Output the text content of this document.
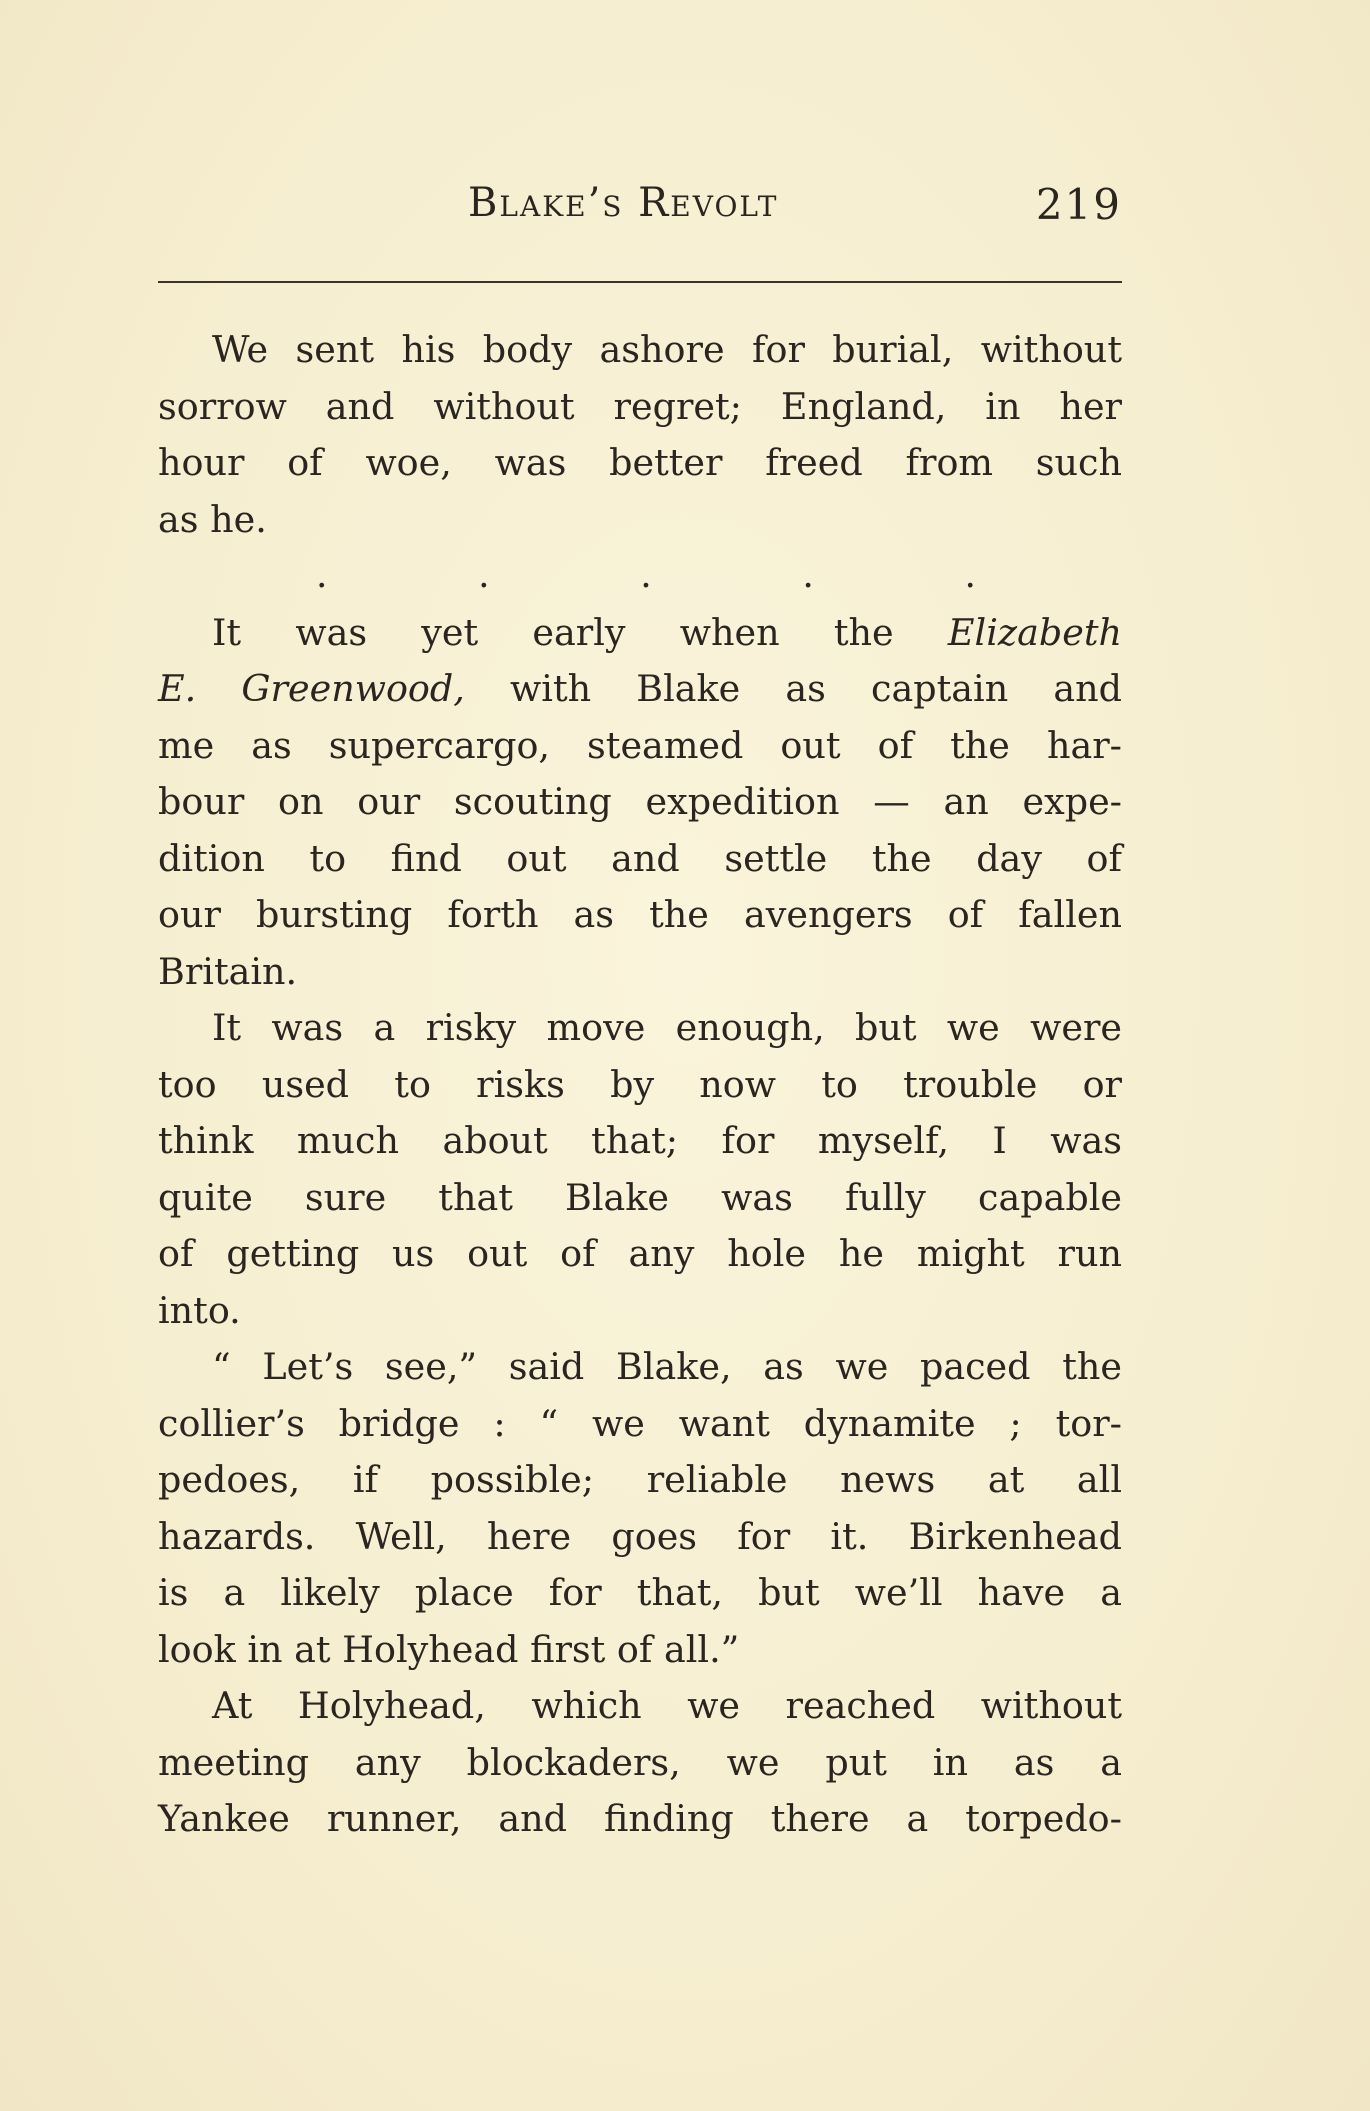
Blake’s Revolt	219
We sent his body ashore for burial, without
sorrow and without regret; England, in her
hour of woe, was better freed from such
as he.
.	.	.	.	.
It was yet early when the Elizabeth
E. Greenwood, with Blake as captain and
me as supercargo, steamed out of the har-
bour on our scouting expedition — an expe-
dition to find out and settle the day of
our bursting forth as the avengers of fallen
Britain.
It was a risky move enough, but we were
too used to risks by now to trouble or
think much about that; for myself, I was
quite sure that Blake was fully capable
of getting us out of any hole he might run
into.
“ Let’s see,” said Blake, as we paced the
collier’s bridge : “ we want dynamite ; tor-
pedoes, if possible; reliable news at all
hazards. Well, here goes for it. Birkenhead
is a likely place for that, but we’ll have a
look in at Holyhead first of all.”
At Holyhead, which we reached without
meeting any blockaders, we put in as a
Yankee runner, and finding there a torpedo-
